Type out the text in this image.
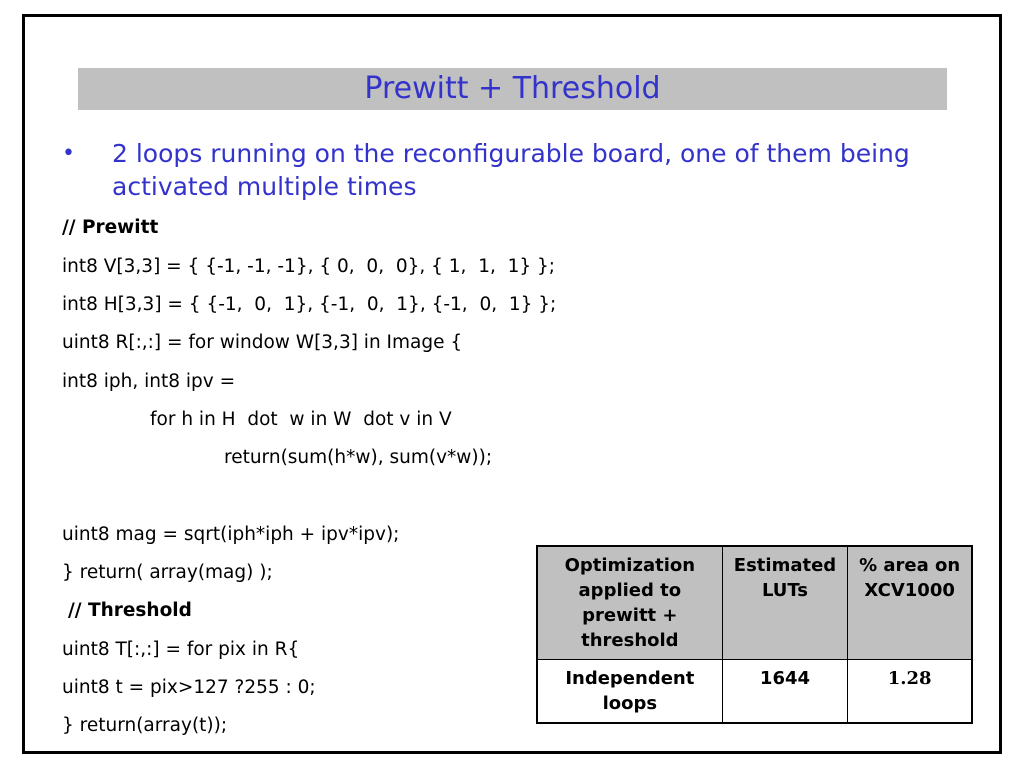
Prewitt + Threshold
• 2 loops running on the reconfigurable board, one of them being activated multiple times
// Prewitt
int8 V[3,3] = { {-1, -1, -1}, { 0,  0,  0}, { 1,  1,  1} };
int8 H[3,3] = { {-1,  0,  1}, {-1,  0,  1}, {-1,  0,  1} };
uint8 R[:,:] = for window W[3,3] in Image {
int8 iph, int8 ipv =
for h in H  dot  w in W  dot v in V
return(sum(h*w), sum(v*w));
uint8 mag = sqrt(iph*iph + ipv*ipv);
} return( array(mag) );
// Threshold
uint8 T[:,:] = for pix in R{
uint8 t = pix>127 ?255 : 0;
} return(array(t));
Optimization applied to prewitt + threshold	Estimated LUTs	% area on XCV1000
Independent loops	1644	1.28
